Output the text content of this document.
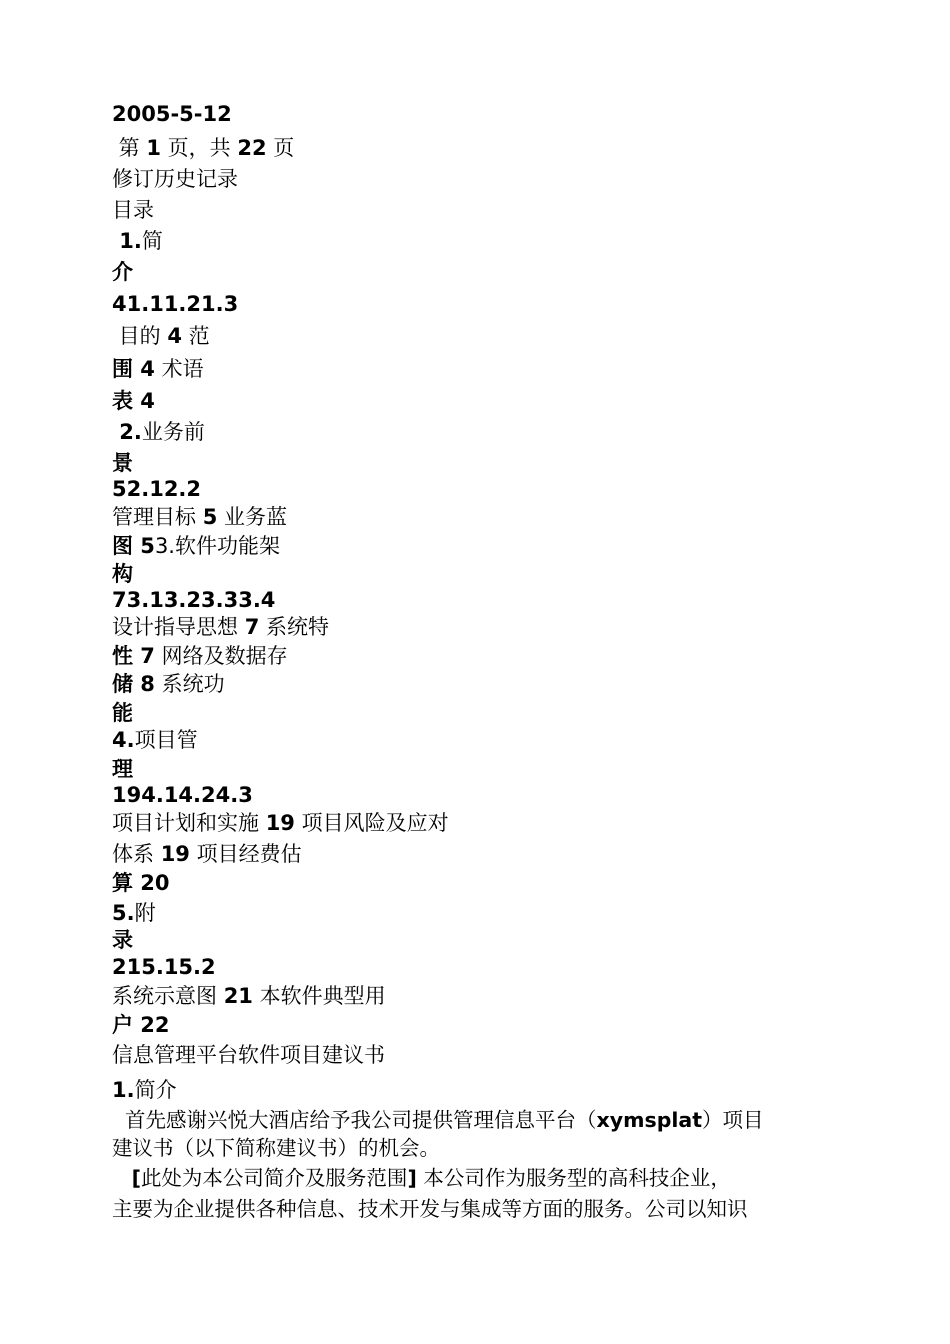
2005-5-12
第 1 页，共 22 页
修订历史记录
目录
1.简
介
41.11.21.3
目的 4 范
围 4 术语
表 4
2.业务前
景
52.12.2
管理目标 5 业务蓝
图 53.软件功能架
构
73.13.23.33.4
设计指导思想 7 系统特
性 7 网络及数据存
储 8 系统功
能
4.项目管
理
194.14.24.3
项目计划和实施 19 项目风险及应对
体系 19 项目经费估
算 20
5.附
录
215.15.2
系统示意图 21 本软件典型用
户 22
信息管理平台软件项目建议书
1.简介
首先感谢兴悦大酒店给予我公司提供管理信息平台（xymsplat）项目
建议书（以下简称建议书）的机会。
[此处为本公司简介及服务范围] 本公司作为服务型的高科技企业，
主要为企业提供各种信息、技术开发与集成等方面的服务。公司以知识
